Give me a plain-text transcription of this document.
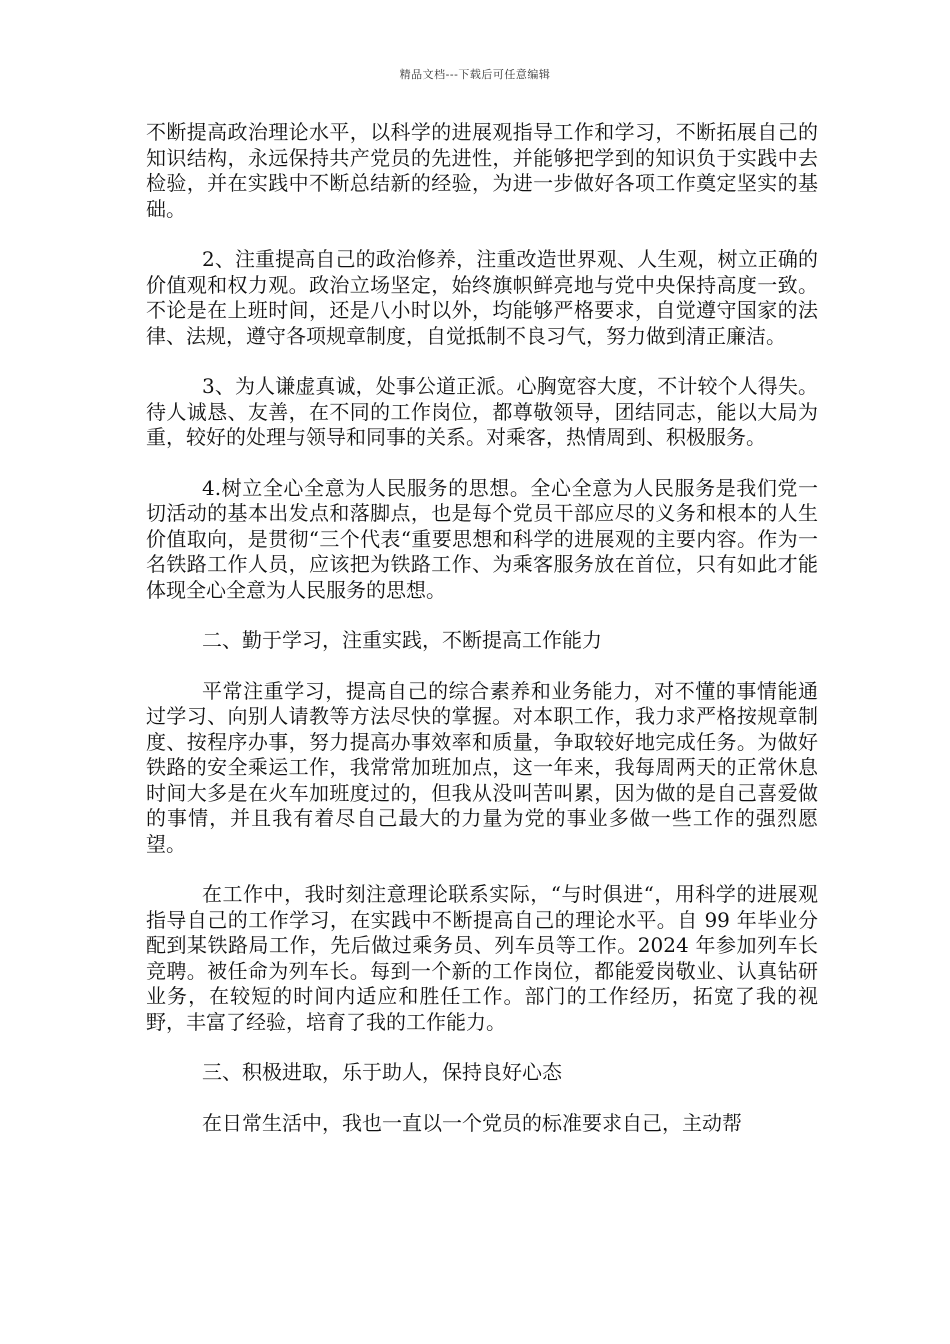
精品文档---下载后可任意编辑

不断提高政治理论水平，以科学的进展观指导工作和学习，不断拓展自己的知识结构，永远保持共产党员的先进性，并能够把学到的知识负于实践中去检验，并在实践中不断总结新的经验，为进一步做好各项工作奠定坚实的基础。

2、注重提高自己的政治修养，注重改造世界观、人生观，树立正确的价值观和权力观。政治立场坚定，始终旗帜鲜亮地与党中央保持高度一致。不论是在上班时间，还是八小时以外，均能够严格要求，自觉遵守国家的法律、法规，遵守各项规章制度，自觉抵制不良习气，努力做到清正廉洁。

3、为人谦虚真诚，处事公道正派。心胸宽容大度，不计较个人得失。待人诚恳、友善，在不同的工作岗位，都尊敬领导，团结同志，能以大局为重，较好的处理与领导和同事的关系。对乘客，热情周到、积极服务。

4.树立全心全意为人民服务的思想。全心全意为人民服务是我们党一切活动的基本出发点和落脚点，也是每个党员干部应尽的义务和根本的人生价值取向，是贯彻“三个代表“重要思想和科学的进展观的主要内容。作为一名铁路工作人员，应该把为铁路工作、为乘客服务放在首位，只有如此才能体现全心全意为人民服务的思想。

二、勤于学习，注重实践，不断提高工作能力

平常注重学习，提高自己的综合素养和业务能力，对不懂的事情能通过学习、向别人请教等方法尽快的掌握。对本职工作，我力求严格按规章制度、按程序办事，努力提高办事效率和质量，争取较好地完成任务。为做好铁路的安全乘运工作，我常常加班加点，这一年来，我每周两天的正常休息时间大多是在火车加班度过的，但我从没叫苦叫累，因为做的是自己喜爱做的事情，并且我有着尽自己最大的力量为党的事业多做一些工作的强烈愿望。

在工作中，我时刻注意理论联系实际，“与时俱进“，用科学的进展观指导自己的工作学习，在实践中不断提高自己的理论水平。自 99 年毕业分配到某铁路局工作，先后做过乘务员、列车员等工作。2024 年参加列车长竞聘。被任命为列车长。每到一个新的工作岗位，都能爱岗敬业、认真钻研业务，在较短的时间内适应和胜任工作。部门的工作经历，拓宽了我的视野，丰富了经验，培育了我的工作能力。

三、积极进取，乐于助人，保持良好心态

在日常生活中，我也一直以一个党员的标准要求自己，主动帮
